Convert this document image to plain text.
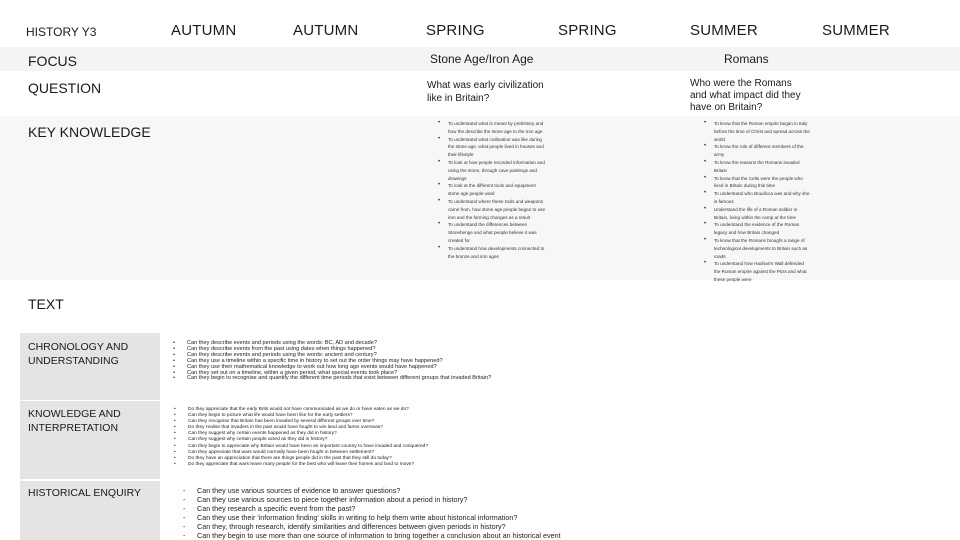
HISTORY Y3	AUTUMN	AUTUMN	SPRING	SPRING	SUMMER	SUMMER
FOCUS	Stone Age/Iron Age	Romans
QUESTION	What was early civilization like in Britain?
Who were the Romans and what impact did they have on Britain?
KEY KNOWLEDGE
• To understand what is meant by prehistory and how the describe the stone age to the iron age
• To understand what civilisation was like during the stone age, what people lived in houses and their lifestyle
• To look at how people recorded information and using the stone, through cave paintings and drawings
• To look at the different tools and equipment stone age people used
• To understand where these tools and weapons came from, how stone age people began to use iron and the farming changes as a result
• To understand the differences between Stonehenge and what people believe it was created for
• To understand how developments connected to the bronze and iron ages
• To know that the Roman empire began in Italy before the time of Christ and spread across the world
• To know the role of different members of the army
• To know the reasons the Romans invaded Britain
• To know that the Celts were the people who lived in Britain during this time
• To understand who Boudicca was and why she is famous
• Understand the life of a Roman soldier in Britain, living within the camp at the time
• To understand the evidence of the Roman legacy and how Britain changed
• To know that the Romans brought a range of technological developments to Britain such as roads
• To understand how Hadrian's Wall defended the Roman empire against the Picts and what these people were
TEXT
CHRONOLOGY AND UNDERSTANDING
• Can they describe events and periods using the words: BC, AD and decade?
• Can they describe events from the past using dates when things happened?
• Can they describe events and periods using the words: ancient and century?
• Can they use a timeline within a specific time in history to set out the order things may have happened?
• Can they use their mathematical knowledge to work out how long ago events would have happened?
• Can they set out on a timeline, within a given period, what special events took place?
• Can they begin to recognise and quantify the different time periods that exist between different groups that invaded Britain?
KNOWLEDGE AND INTERPRETATION
• Do they appreciate that the early Brits would not have communicated as we do or have eaten as we do?
• Can they begin to picture what life would have been like for the early settlers?
• Can they recognise that Britain has been invaded by several different groups over time?
• Do they realise that invaders in the past would have fought to win land and farms overseas?
• Can they suggest why certain events happened as they did in history?
• Can they suggest why certain people acted as they did in history?
• Can they begin to appreciate why Britain would have been an important country to have invaded and conquered?
• Can they appreciate that wars would normally have been fought in between settlement?
• Do they have an appreciation that there are things people did in the past that they still do today?
• Do they appreciate that wars leave many people for the best who will leave their homes and land to move?
HISTORICAL ENQUIRY
-	Can they use various sources of evidence to answer questions?
- Can they use various sources to piece together information about a period in history?
- Can they research a specific event from the past?
- Can they use their 'information finding' skills in writing to help them write about historical information?
- Can they, through research, identify similarities and differences between given periods in history?
- Can they begin to use more than one source of information to bring together a conclusion about an historical event
